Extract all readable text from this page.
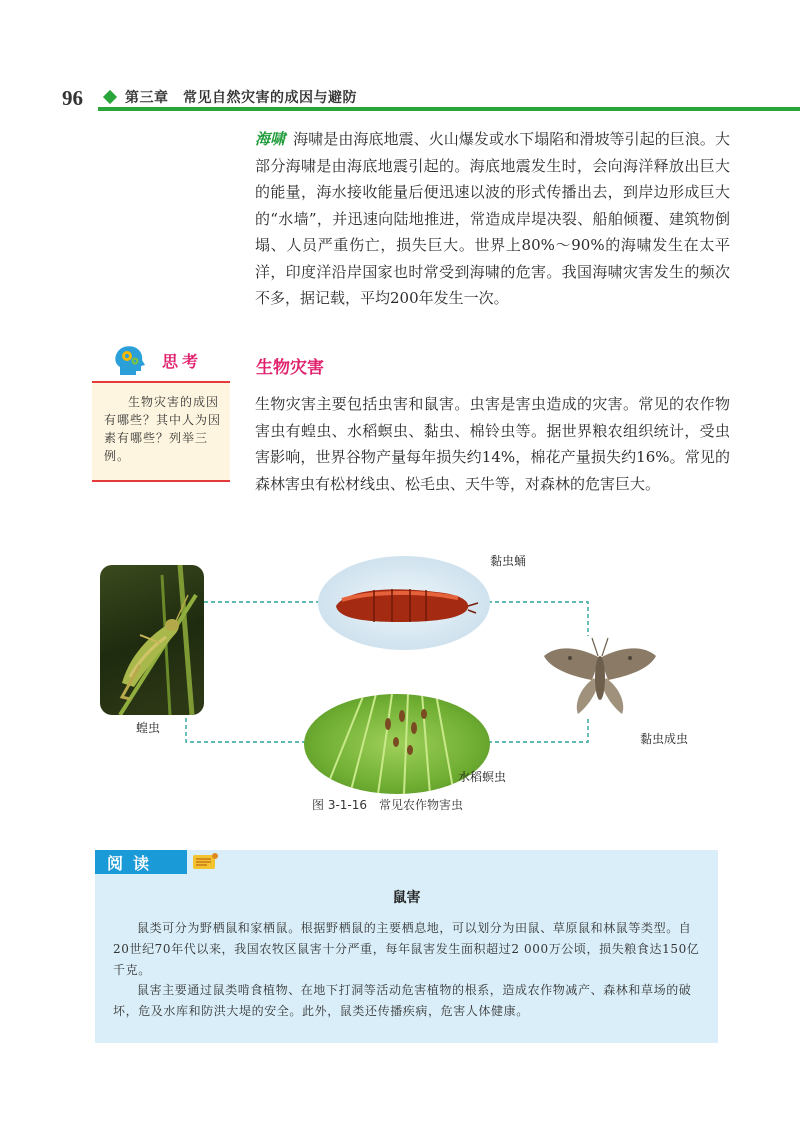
96	第三章　常见自然灾害的成因与避防
海啸 海啸是由海底地震、火山爆发或水下塌陷和滑坡等引起的巨浪。大部分海啸是由海底地震引起的。海底地震发生时，会向海洋释放出巨大的能量，海水接收能量后便迅速以波的形式传播出去，到岸边形成巨大的“水墙”，并迅速向陆地推进，常造成岸堤决裂、船舶倾覆、建筑物倒塌、人员严重伤亡，损失巨大。世界上80%～90%的海啸发生在太平洋，印度洋沿岸国家也时常受到海啸的危害。我国海啸灾害发生的频次不多，据记载，平均200年发生一次。
思考
生物灾害的成因有哪些？其中人为因素有哪些？列举三例。
生物灾害
生物灾害主要包括虫害和鼠害。虫害是害虫造成的灾害。常见的农作物害虫有蝗虫、水稻螟虫、黏虫、棉铃虫等。据世界粮农组织统计，受虫害影响，世界谷物产量每年损失约14%，棉花产量损失约16%。常见的森林害虫有松材线虫、松毛虫、天牛等，对森林的危害巨大。
蝗虫
黏虫蛹
水稻螟虫
黏虫成虫
图 3-1-16　常见农作物害虫
阅读
鼠害
鼠类可分为野栖鼠和家栖鼠。根据野栖鼠的主要栖息地，可以划分为田鼠、草原鼠和林鼠等类型。自20世纪70年代以来，我国农牧区鼠害十分严重，每年鼠害发生面积超过2 000万公顷，损失粮食达150亿千克。
鼠害主要通过鼠类啃食植物、在地下打洞等活动危害植物的根系，造成农作物减产、森林和草场的破坏，危及水库和防洪大堤的安全。此外，鼠类还传播疾病，危害人体健康。
